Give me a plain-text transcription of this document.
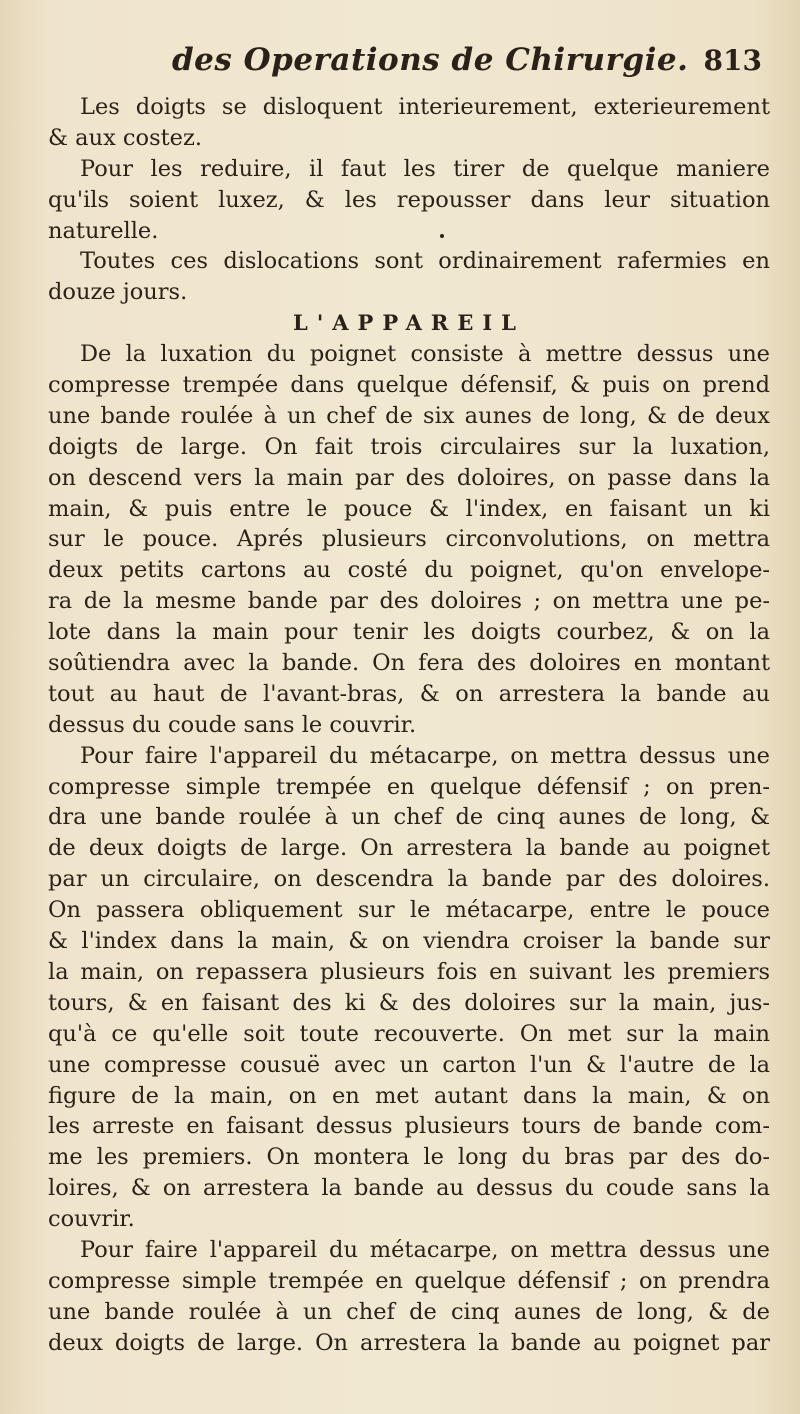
des Operations de Chirurgie. 813
Les doigts se disloquent interieurement, exterieurement
& aux costez.
Pour les reduire, il faut les tirer de quelque maniere
qu'ils soient luxez, & les repousser dans leur situation
naturelle.
Toutes ces dislocations sont ordinairement rafermies en
douze jours.
L'APPAREIL
De la luxation du poignet consiste à mettre dessus une
compresse trempée dans quelque défensif, & puis on prend
une bande roulée à un chef de six aunes de long, & de deux
doigts de large. On fait trois circulaires sur la luxation,
on descend vers la main par des doloires, on passe dans la
main, & puis entre le pouce & l'index, en faisant un ki
sur le pouce. Aprés plusieurs circonvolutions, on mettra
deux petits cartons au costé du poignet, qu'on envelope-
ra de la mesme bande par des doloires ; on mettra une pe-
lote dans la main pour tenir les doigts courbez, & on la
soûtiendra avec la bande. On fera des doloires en montant
tout au haut de l'avant-bras, & on arrestera la bande au
dessus du coude sans le couvrir.
Pour faire l'appareil du métacarpe, on mettra dessus une
compresse simple trempée en quelque défensif ; on pren-
dra une bande roulée à un chef de cinq aunes de long, &
de deux doigts de large. On arrestera la bande au poignet
par un circulaire, on descendra la bande par des doloires.
On passera obliquement sur le métacarpe, entre le pouce
& l'index dans la main, & on viendra croiser la bande sur
la main, on repassera plusieurs fois en suivant les premiers
tours, & en faisant des ki & des doloires sur la main, jus-
qu'à ce qu'elle soit toute recouverte. On met sur la main
une compresse cousuë avec un carton l'un & l'autre de la
figure de la main, on en met autant dans la main, & on
les arreste en faisant dessus plusieurs tours de bande com-
me les premiers. On montera le long du bras par des do-
loires, & on arrestera la bande au dessus du coude sans la
couvrir.
Pour faire l'appareil du métacarpe, on mettra dessus une
compresse simple trempée en quelque défensif ; on prendra
une bande roulée à un chef de cinq aunes de long, & de
deux doigts de large. On arrestera la bande au poignet par
